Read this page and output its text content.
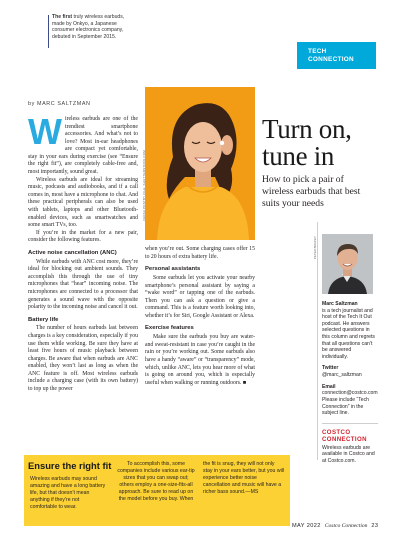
The first truly wireless earbuds, made by Onkyo, a Japanese consumer electronics company, debuted in September 2015.
TECH
CONNECTION
by MARC SALTZMAN

Wireless earbuds are one of the trendiest smartphone accessories. And what’s not to love? Most in-ear headphones are compact yet comfortable, stay in your ears during exercise (see “Ensure the right fit”), are completely cable-free and, most importantly, sound great.

Wireless earbuds are ideal for streaming music, podcasts and audiobooks, and if a call comes in, most have a microphone to chat. And these practical peripherals can also be used with tablets, laptops and other Bluetooth-enabled devices, such as smartwatches and some smart TVs, too.

If you’re in the market for a new pair, consider the following features.

Active noise cancellation (ANC)

While earbuds with ANC cost more, they’re ideal for blocking out ambient sounds. They accomplish this through the use of tiny microphones that “hear” incoming noise. The microphones are connected to a processor that generates a sound wave with the opposite polarity to the incoming noise and cancel it out.

Battery life

The number of hours earbuds last between charges is a key consideration, especially if you use them while working. Be sure they have at least five hours of music playback between charges. Be aware that when earbuds are ANC enabled, they won’t last as long as when the ANC feature is off. Most wireless earbuds include a charging case (with its own battery) to top up the power

FEKSA POSTBY FILE: SHUTTERSTOCK.COM
Turn on,
tune in
How to pick a pair of wireless earbuds that best suits your needs

when you’re out. Some charging cases offer 15 to 20 hours of extra battery life.

Personal assistants

Some earbuds let you activate your nearby smartphone’s personal assistant by saying a “wake word” or tapping one of the earbuds. Then you can ask a question or give a command. This is a feature worth looking into, whether it’s for Siri, Google Assistant or Alexa.

Exercise features

Make sure the earbuds you buy are water- and sweat-resistant in case you’re caught in the rain or you’re working out. Some earbuds also have a handy “aware” or “transparency” mode, which, unlike ANC, lets you hear more of what is going on around you, which is especially useful when walking or running outdoors. ■

PETER BRACEY
Marc Saltzman
is a tech journalist and host of the Tech It Out podcast. He answers selected questions in this column and regrets that all questions can’t be answered individually.
Twitter
@marc_saltzman
Email
connection@costco.com
Please include “Tech Connection” in the subject line.
COSTCO
CONNECTION
Wireless earbuds are available in Costco and at Costco.com.
Ensure the right fit
Wireless earbuds may sound amazing and have a long battery life, but that doesn’t mean anything if they’re not comfortable to wear.
To accomplish this, some companies include various ear-tip sizes that you can swap out; others employ a one-size-fits-all approach. Be sure to read up on the model before you buy. When
the fit is snug, they will not only stay in your ears better, but you will experience better noise cancellation and music will have a richer bass sound.—MS
MAY 2022 Costco Connection 23
